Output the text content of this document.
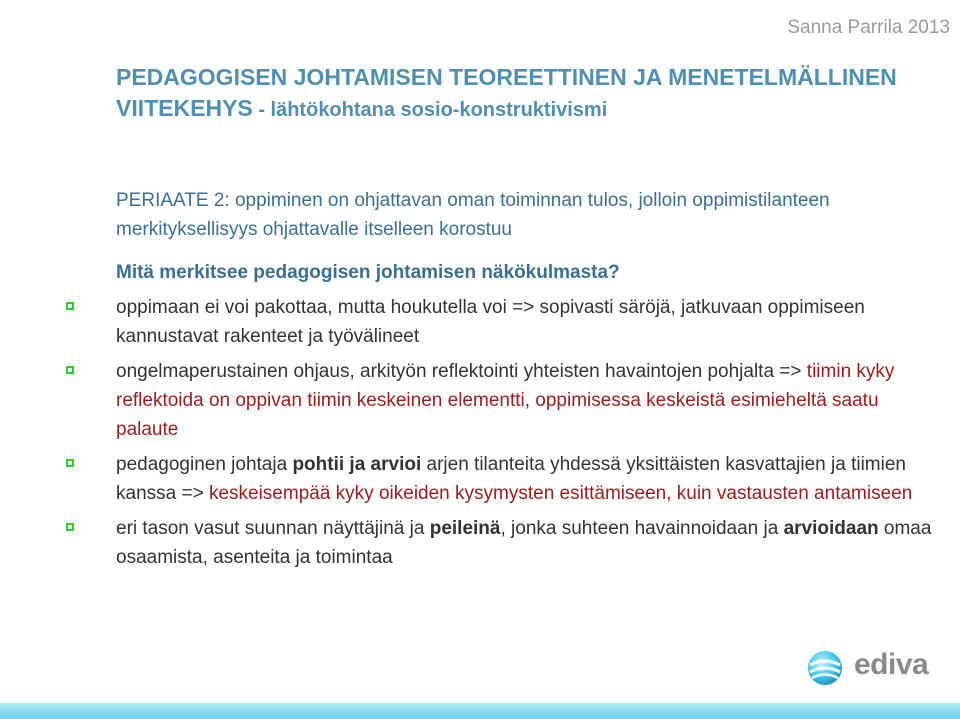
Sanna Parrila 2013
PEDAGOGISEN JOHTAMISEN TEOREETTINEN JA MENETELMÄLLINEN
VIITEKEHYS - lähtökohtana sosio-konstruktivismi
PERIAATE 2: oppiminen on ohjattavan oman toiminnan tulos, jolloin oppimistilanteen merkityksellisyys ohjattavalle itselleen korostuu
Mitä merkitsee pedagogisen johtamisen näkökulmasta?
oppimaan ei voi pakottaa, mutta houkutella voi => sopivasti säröjä, jatkuvaan oppimiseen kannustavat rakenteet ja työvälineet
ongelmaperustainen ohjaus, arkityön reflektointi yhteisten havaintojen pohjalta => tiimin kyky reflektoida on oppivan tiimin keskeinen elementti, oppimisessa keskeistä esimieheltä saatu palaute
pedagoginen johtaja pohtii ja arvioi arjen tilanteita yhdessä yksittäisten kasvattajien ja tiimien kanssa => keskeisempää kyky oikeiden kysymysten esittämiseen, kuin vastausten antamiseen
eri tason vasut suunnan näyttäjinä ja peileinä, jonka suhteen havainnoidaan ja arvioidaan omaa osaamista, asenteita ja toimintaa
ediva
